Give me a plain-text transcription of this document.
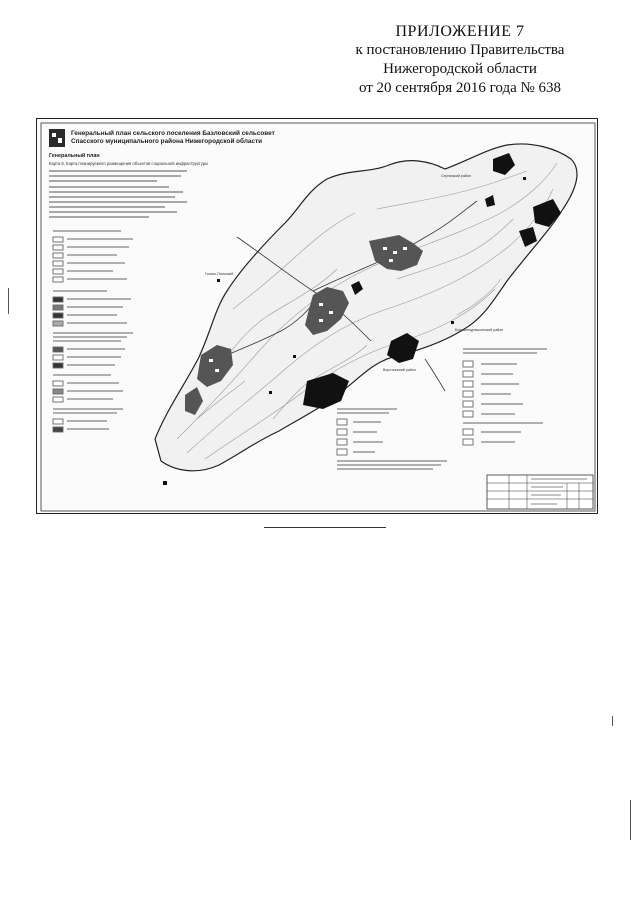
ПРИЛОЖЕНИЕ 7
к постановлению Правительства
Нижегородской области
от 20 сентября 2016 года № 638
Генеральный план сельского поселения Базловский сельсовет
Спасского муниципального района Нижегородской области
Генеральный план
Карта 8. Карта планируемого размещения объектов социальной инфраструктуры
Ганско-Пальский
Сергачский район
Большемурашкинский район
Воротынский район
